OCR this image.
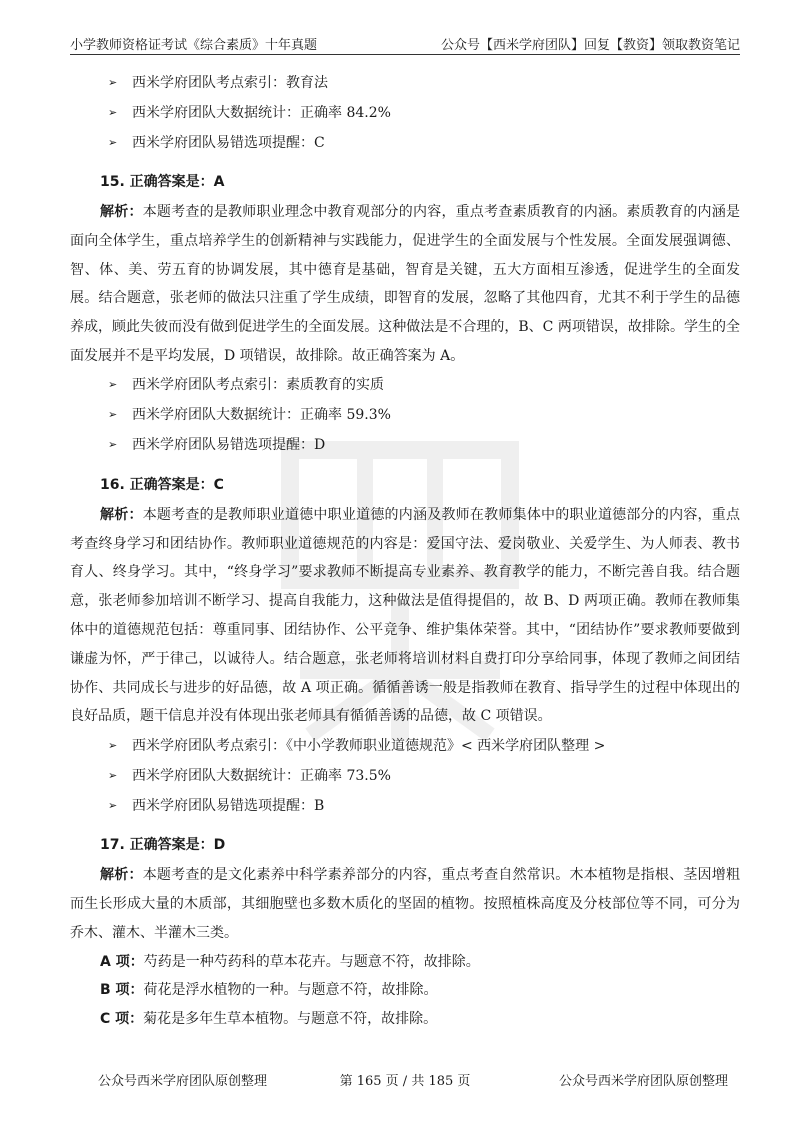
小学教师资格证考试《综合素质》十年真题	公众号【西米学府团队】回复【教资】领取教资笔记
➢	西米学府团队考点索引：教育法
➢	西米学府团队大数据统计：正确率 84.2%
➢	西米学府团队易错选项提醒：C
15. 正确答案是：A

解析：本题考查的是教师职业理念中教育观部分的内容，重点考查素质教育的内涵。素质教育的内涵是面向全体学生，重点培养学生的创新精神与实践能力，促进学生的全面发展与个性发展。全面发展强调德、智、体、美、劳五育的协调发展，其中德育是基础，智育是关键，五大方面相互渗透，促进学生的全面发展。结合题意，张老师的做法只注重了学生成绩，即智育的发展，忽略了其他四育，尤其不利于学生的品德养成，顾此失彼而没有做到促进学生的全面发展。这种做法是不合理的，B、C 两项错误，故排除。学生的全面发展并不是平均发展，D 项错误，故排除。故正确答案为 A。

➢	西米学府团队考点索引：素质教育的实质
➢	西米学府团队大数据统计：正确率 59.3%
➢	西米学府团队易错选项提醒：D
16. 正确答案是：C

解析：本题考查的是教师职业道德中职业道德的内涵及教师在教师集体中的职业道德部分的内容，重点考查终身学习和团结协作。教师职业道德规范的内容是：爱国守法、爱岗敬业、关爱学生、为人师表、教书育人、终身学习。其中，“终身学习”要求教师不断提高专业素养、教育教学的能力，不断完善自我。结合题意，张老师参加培训不断学习、提高自我能力，这种做法是值得提倡的，故 B、D 两项正确。教师在教师集体中的道德规范包括：尊重同事、团结协作、公平竞争、维护集体荣誉。其中，“团结协作”要求教师要做到谦虚为怀，严于律己，以诚待人。结合题意，张老师将培训材料自费打印分享给同事，体现了教师之间团结协作、共同成长与进步的好品德，故 A 项正确。循循善诱一般是指教师在教育、指导学生的过程中体现出的良好品质，题干信息并没有体现出张老师具有循循善诱的品德，故 C 项错误。

➢	西米学府团队考点索引：《中小学教师职业道德规范》< 西米学府团队整理 >
➢	西米学府团队大数据统计：正确率 73.5%
➢	西米学府团队易错选项提醒：B
17. 正确答案是：D

解析：本题考查的是文化素养中科学素养部分的内容，重点考查自然常识。木本植物是指根、茎因增粗而生长形成大量的木质部，其细胞壁也多数木质化的坚固的植物。按照植株高度及分枝部位等不同，可分为乔木、灌木、半灌木三类。

A 项：芍药是一种芍药科的草本花卉。与题意不符，故排除。

B 项：荷花是浮水植物的一种。与题意不符，故排除。

C 项：菊花是多年生草本植物。与题意不符，故排除。

公众号西米学府团队原创整理	第 165 页 / 共 185 页	公众号西米学府团队原创整理
